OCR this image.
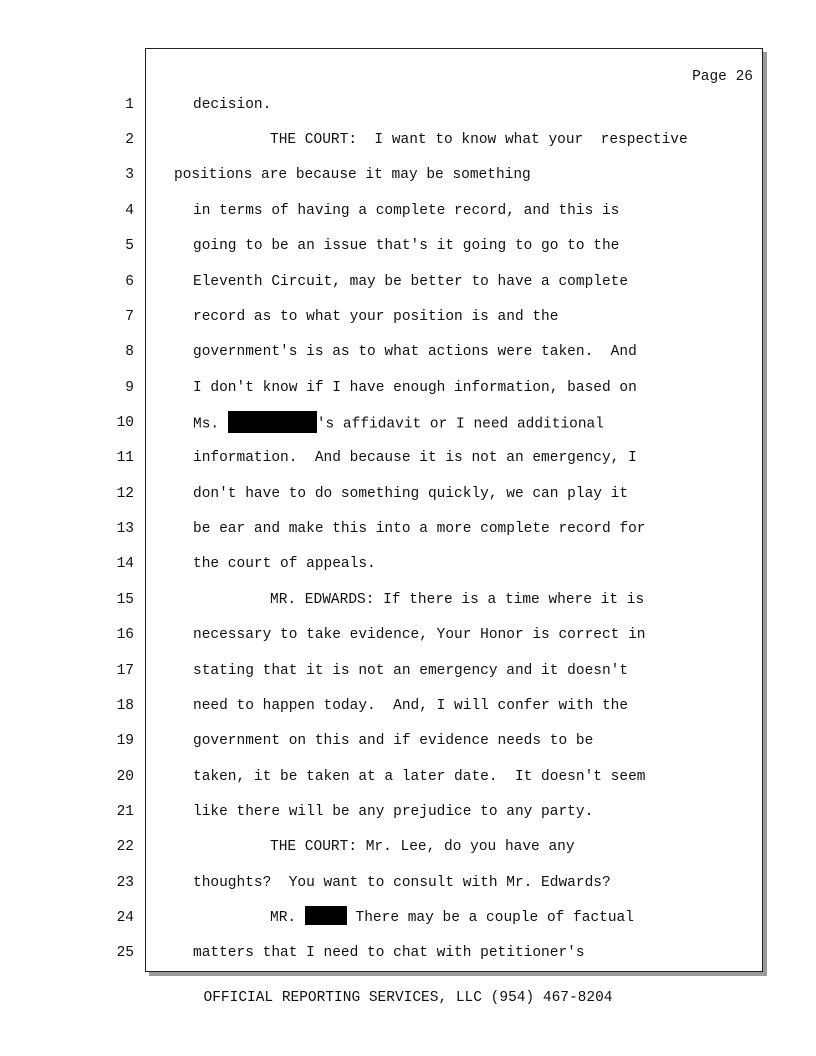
Page 26
1
2
3
4
5
6
7
8
9
10
11
12
13
14
15
16
17
18
19
20
21
22
23
24
25
decision.
THE COURT:  I want to know what your  respective
positions are because it may be something
in terms of having a complete record, and this is
going to be an issue that's it going to go to the
Eleventh Circuit, may be better to have a complete
record as to what your position is and the
government's is as to what actions were taken.  And
I don't know if I have enough information, based on
Ms.	's affidavit or I need additional
information.  And because it is not an emergency, I
don't have to do something quickly, we can play it
be ear and make this into a more complete record for
the court of appeals.
MR. EDWARDS: If there is a time where it is
necessary to take evidence, Your Honor is correct in
stating that it is not an emergency and it doesn't
need to happen today.  And, I will confer with the
government on this and if evidence needs to be
taken, it be taken at a later date.  It doesn't seem
like there will be any prejudice to any party.
THE COURT: Mr. Lee, do you have any
thoughts?  You want to consult with Mr. Edwards?
MR.	There may be a couple of factual
matters that I need to chat with petitioner's
OFFICIAL REPORTING SERVICES, LLC (954) 467-8204
